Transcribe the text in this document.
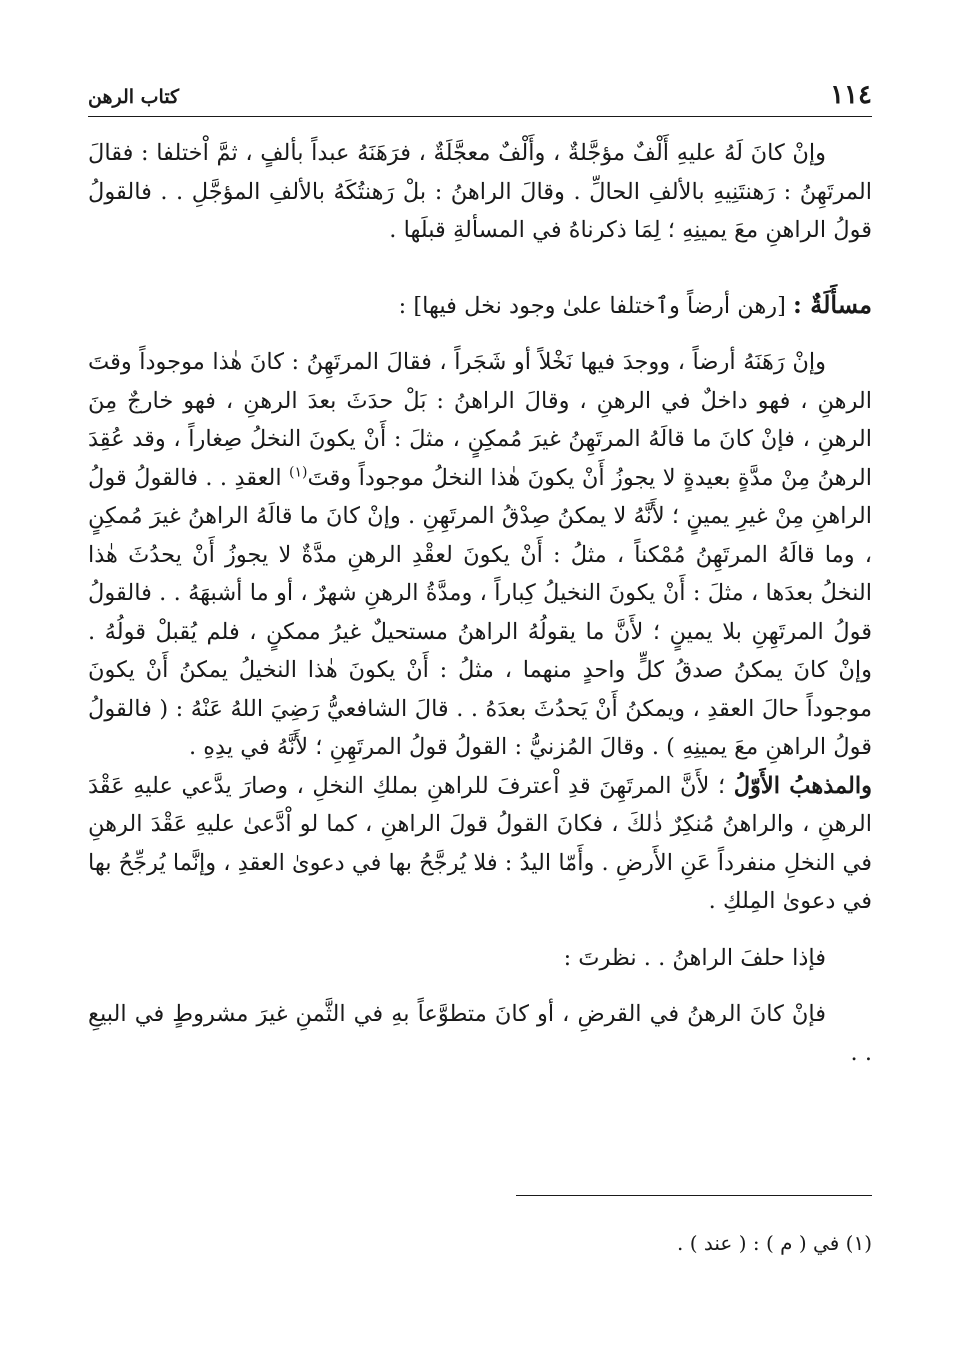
١١٤
كتاب الرهن

وإنْ كانَ لَهُ عليهِ أَلْفٌ مؤجَّلةٌ ، وأَلْفٌ معجَّلَةٌ ، فرَهَنَهُ عبداً بألفٍ ، ثمَّ اْختلفا : فقالَ المرتَهِنُ : رَهنتَنِيهِ بالألفِ الحالِّ . وقالَ الراهنُ : بلْ رَهنتُكَهُ بالألفِ المؤجَّلِ . . فالقولُ قولُ الراهنِ معَ يمينِهِ ؛ لِمَا ذكرناهُ في المسألةِ قبلَها .

مسأَلَةٌ : [رهن أرضاً وٱختلفا علىٰ وجود نخل فيها] :

وإنْ رَهَنَهُ أرضاً ، ووجدَ فيها نَخْلاً أو شَجَراً ، فقالَ المرتَهِنُ : كانَ هٰذا موجوداً وقتَ الرهنِ ، فهو داخلٌ في الرهنِ ، وقالَ الراهنُ : بَلْ حدَثَ بعدَ الرهنِ ، فهو خارجٌ مِنَ الرهنِ ، فإنْ كانَ ما قالَهُ المرتَهِنُ غيرَ مُمكِنٍ ، مثلَ : أَنْ يكونَ النخلُ صِغاراً ، وقد عُقِدَ الرهنُ مِنْ مدَّةٍ بعيدةٍ لا يجوزُ أَنْ يكونَ هٰذا النخلُ موجوداً وقتَ$^{(١)}$ العقدِ . . فالقولُ قولُ الراهنِ مِنْ غيرِ يمينٍ ؛ لأَنَّهُ لا يمكنُ صِدْقُ المرتَهِنِ . وإنْ كانَ ما قالَهُ الراهنُ غيرَ مُمكِنٍ ، وما قالَهُ المرتَهِنُ مُمْكناً ، مثلُ : أَنْ يكونَ لعقْدِ الرهنِ مدَّةٌ لا يجوزُ أَنْ يحدُثَ هٰذا النخلُ بعدَها ، مثلَ : أَنْ يكونَ النخيلُ كِباراً ، ومدَّةُ الرهنِ شهرٌ ، أو ما أشبهَهُ . . فالقولُ قولُ المرتَهِنِ بلا يمينٍ ؛ لأَنَّ ما يقولُهُ الراهنُ مستحيلٌ غيرُ ممكنٍ ، فلم يُقبلْ قولُهُ . وإنْ كانَ يمكنُ صدقُ كلٍّ واحدٍ منهما ، مثلُ : أَنْ يكونَ هٰذا النخيلُ يمكنُ أَنْ يكونَ موجوداً حالَ العقدِ ، ويمكنُ أَنْ يَحدُثَ بعدَهُ . . قالَ الشافعيُّ رَضِيَ اللهُ عَنْهُ : ( فالقولُ قولُ الراهنِ معَ يمينِهِ ) . وقالَ المُزنيُّ : القولُ قولُ المرتَهِنِ ؛ لأَنَّهُ في يدِهِ .

والمذهبُ الأَوّلُ ؛ لأَنَّ المرتَهِنَ قدِ اْعترفَ للراهنِ بملكِ النخلِ ، وصارَ يدَّعي عليهِ عَقْدَ الرهنِ ، والراهنُ مُنكِرٌ ذٰلكَ ، فكانَ القولُ قولَ الراهنِ ، كما لو اْدَّعىٰ عليهِ عَقْدَ الرهنِ في النخلِ منفرداً عَنِ الأَرضِ . وأَمّا اليدُ : فلا يُرجَّحُ بها في دعوىٰ العقدِ ، وإنَّما يُرجِّحُ بها في دعوىٰ المِلكِ .

فإذا حلفَ الراهنُ . . نظرتَ :

فإنْ كانَ الرهنُ في القرضِ ، أو كانَ متطوَّعاً بهِ في الثَّمنِ غيرَ مشروطٍ في البيعِ . .

(١) في ( م ) : ( عند ) .
